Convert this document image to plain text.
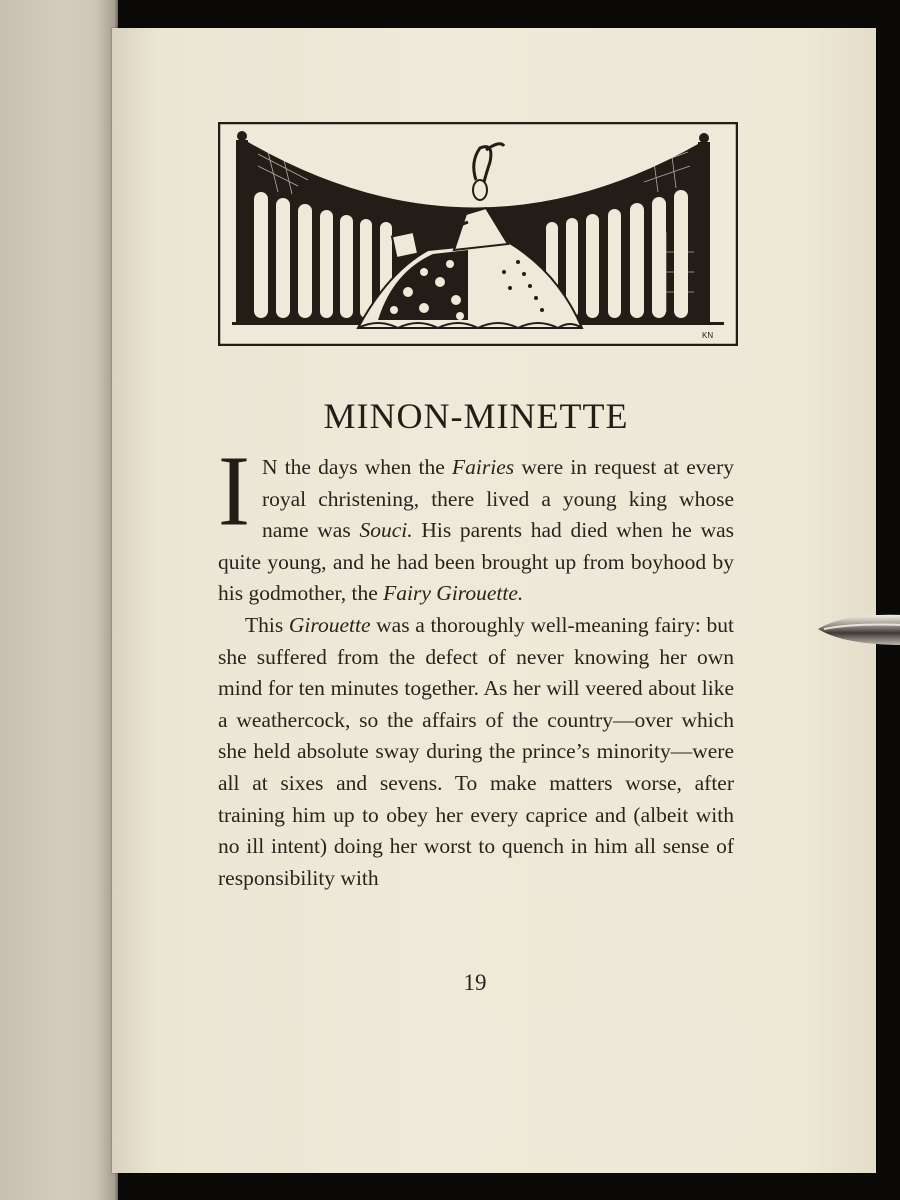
KN
MINON-MINETTE

I N the days when the Fairies were in request at every royal christening, there lived a young king whose name was Souci. His parents had died when he was quite young, and he had been brought up from boyhood by his godmother, the Fairy Girouette.

This Girouette was a thoroughly well-meaning fairy: but she suffered from the defect of never knowing her own mind for ten minutes together. As her will veered about like a weathercock, so the affairs of the country—over which she held absolute sway during the prince’s minority—were all at sixes and sevens. To make matters worse, after training him up to obey her every caprice and (albeit with no ill intent) doing her worst to quench in him all sense of responsibility with

19
